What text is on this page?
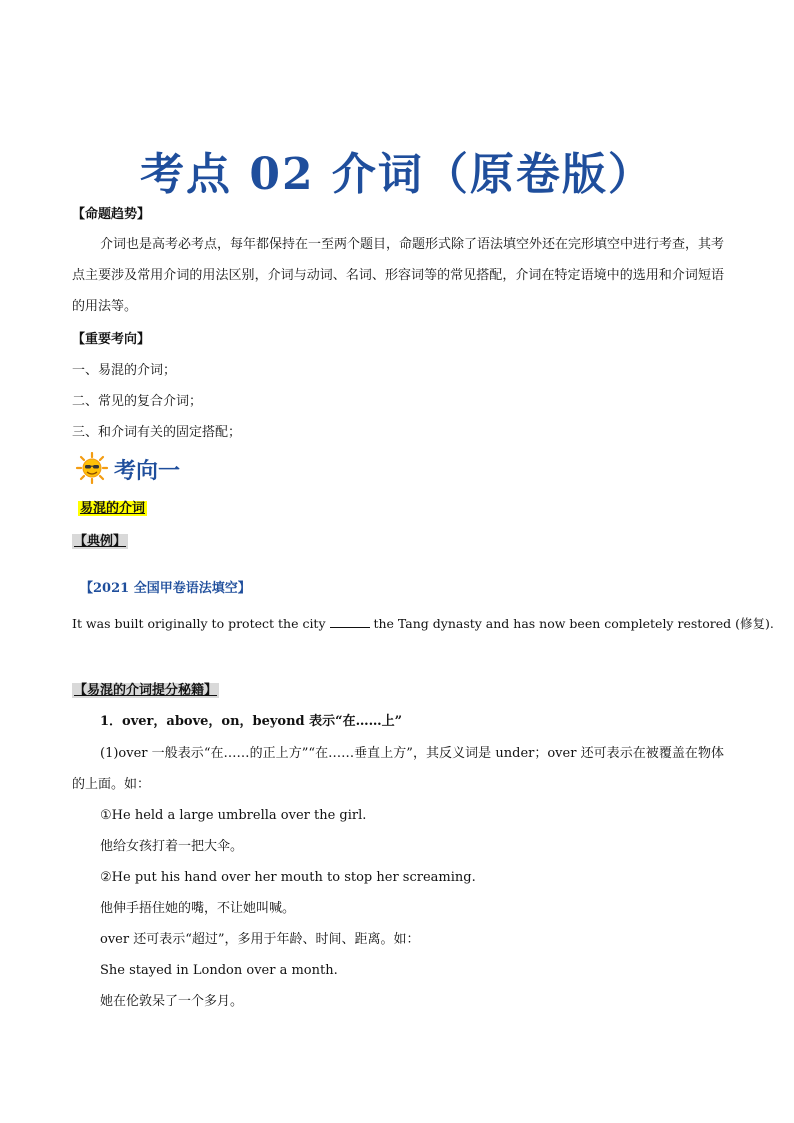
考点 02 介词（原卷版）
【命题趋势】
介词也是高考必考点，每年都保持在一至两个题目，命题形式除了语法填空外还在完形填空中进行考查，其考点主要涉及常用介词的用法区别，介词与动词、名词、形容词等的常见搭配，介词在特定语境中的选用和介词短语的用法等。
【重要考向】
一、易混的介词；
二、常见的复合介词；
三、和介词有关的固定搭配；
考向一
易混的介词
【典例】
【2021 全国甲卷语法填空】
It was built originally to protect the city	the Tang dynasty and has now been completely restored (修复).
【易混的介词提分秘籍】
1．over，above，on，beyond 表示“在……上”
(1)over 一般表示“在……的正上方”“在……垂直上方”，其反义词是 under；over 还可表示在被覆盖在物体的上面。如：
①He held a large umbrella over the girl.
他给女孩打着一把大伞。
②He put his hand over her mouth to stop her screaming.
他伸手捂住她的嘴，不让她叫喊。
over 还可表示“超过”，多用于年龄、时间、距离。如：
She stayed in London over a month.
她在伦敦呆了一个多月。
